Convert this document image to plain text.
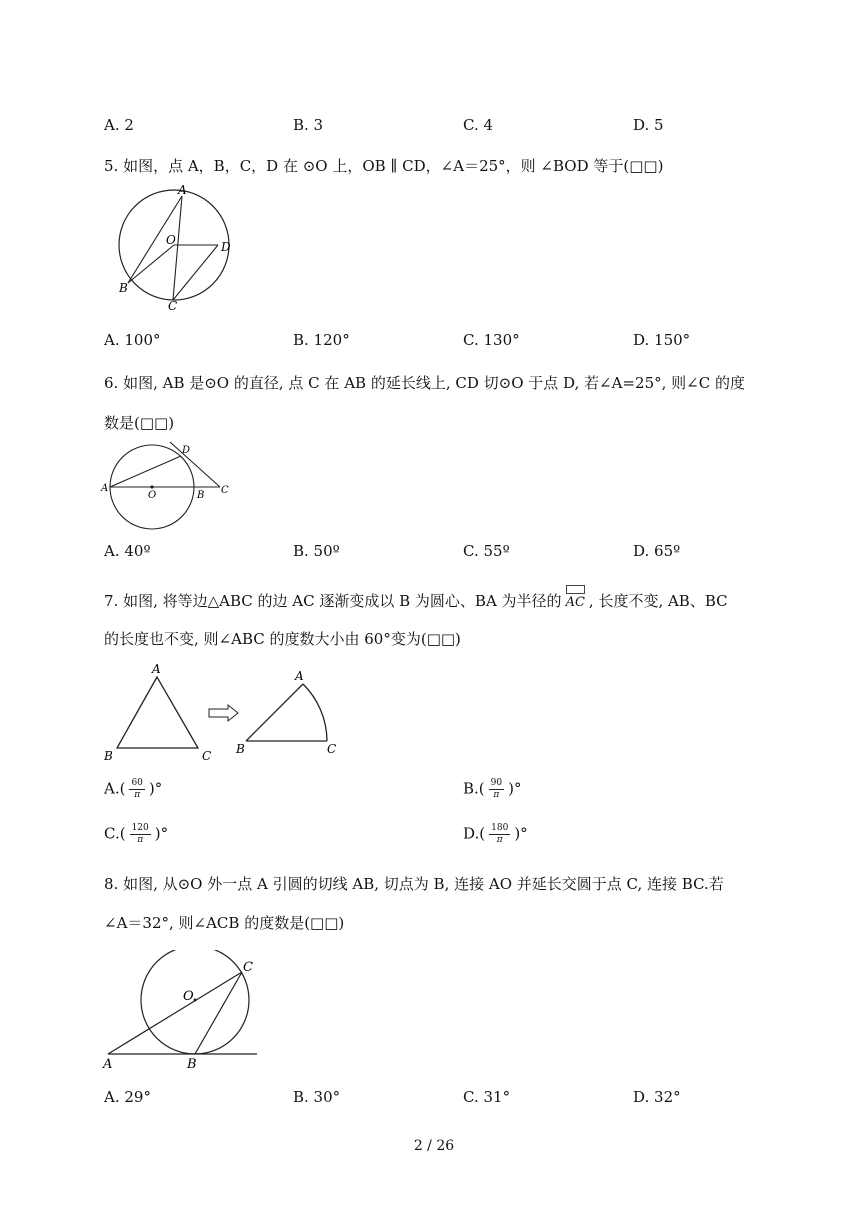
A. 2	B. 3	C. 4	D. 5
5. 如图，点 A，B，C，D 在 ⊙O 上，OB ∥ CD，∠A＝25°，则 ∠BOD 等于(□□)
A
O	D
B
C
A. 100°	B. 120°	C. 130°	D. 150°
6. 如图, AB 是⊙O 的直径, 点 C 在 AB 的延长线上, CD 切⊙O 于点 D, 若∠A=25°, 则∠C 的度
数是(□□)
D
A
O	B C
A. 40º	B. 50º	C. 55º	D. 65º
7. 如图, 将等边△ABC 的边 AC 逐渐变成以 B 为圆心、BA 为半径的 AC , 长度不变, AB、BC
的长度也不变, 则∠ABC 的度数大小由 60°变为(□□)
A
B	C
A
B	C
$A.( \frac{60}{\pi}$ )°	$B.( \frac{90}{\pi}$ )°
$C.( \frac{120}{\pi}$ )°	$D.( \frac{180}{\pi}$ )°
8. 如图, 从⊙O 外一点 A 引圆的切线 AB, 切点为 B, 连接 AO 并延长交圆于点 C, 连接 BC.若
∠A＝32°, 则∠ACB 的度数是(□□)
C
O
A	B
A. 29°	B. 30°	C. 31°	D. 32°
2 / 26
